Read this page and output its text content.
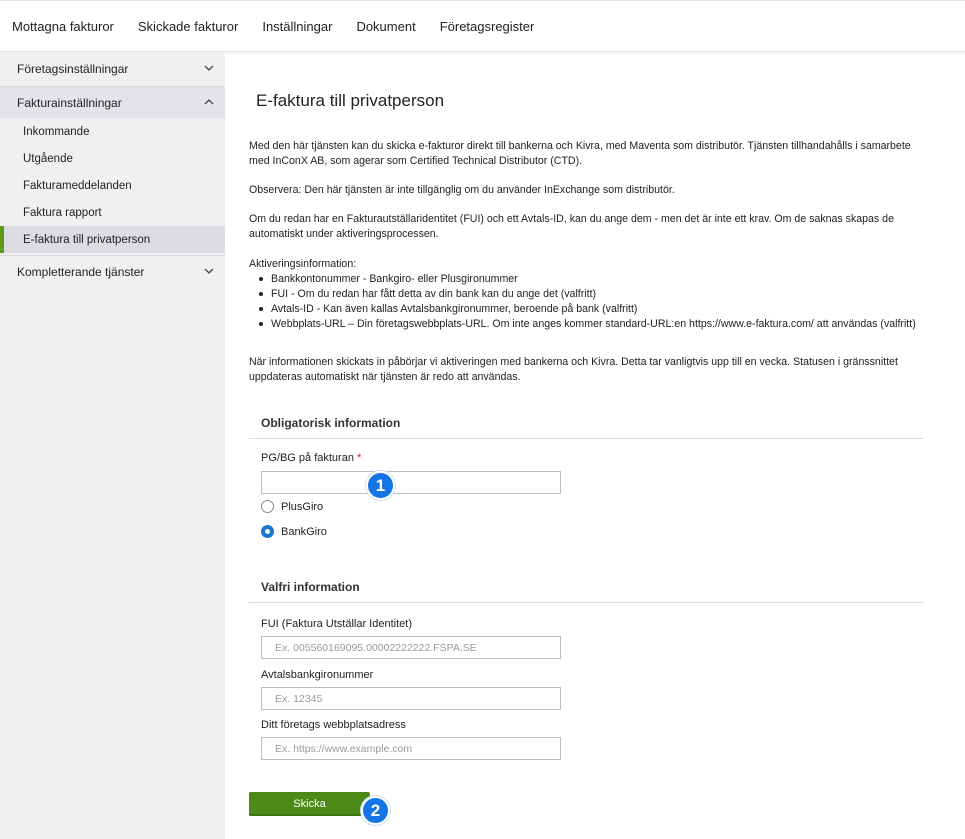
Mottagna fakturor Skickade fakturor Inställningar Dokument Företagsregister
Företagsinställningar
Fakturainställningar
Inkommande
Utgående
Fakturameddelanden
Faktura rapport
E-faktura till privatperson
Kompletterande tjänster
E-faktura till privatperson

Med den här tjänsten kan du skicka e-fakturor direkt till bankerna och Kivra, med Maventa som distributör. Tjänsten tillhandahålls i samarbete med InConX AB, som agerar som Certified Technical Distributor (CTD).

Observera: Den här tjänsten är inte tillgänglig om du använder InExchange som distributör.

Om du redan har en Fakturautställaridentitet (FUI) och ett Avtals-ID, kan du ange dem - men det är inte ett krav. Om de saknas skapas de automatiskt under aktiveringsprocessen.

Aktiveringsinformation:
Bankkontonummer - Bankgiro- eller Plusgironummer
FUI - Om du redan har fått detta av din bank kan du ange det (valfritt)
Avtals-ID - Kan även kallas Avtalsbankgironummer, beroende på bank (valfritt)
Webbplats-URL – Din företagswebbplats-URL. Om inte anges kommer standard-URL:en https://www.e-faktura.com/ att användas (valfritt)

När informationen skickats in påbörjar vi aktiveringen med bankerna och Kivra. Detta tar vanligtvis upp till en vecka. Statusen i gränssnittet uppdateras automatiskt när tjänsten är redo att användas.

Obligatorisk information
PG/BG på fakturan *
PlusGiro
BankGiro
Valfri information
FUI (Faktura Utställar Identitet)
Ex. 005560169095.00002222222.FSPA.SE
Avtalsbankgironummer
Ex. 12345
Ditt företags webbplatsadress
Ex. https://www.example.com
Skicka
1
2
